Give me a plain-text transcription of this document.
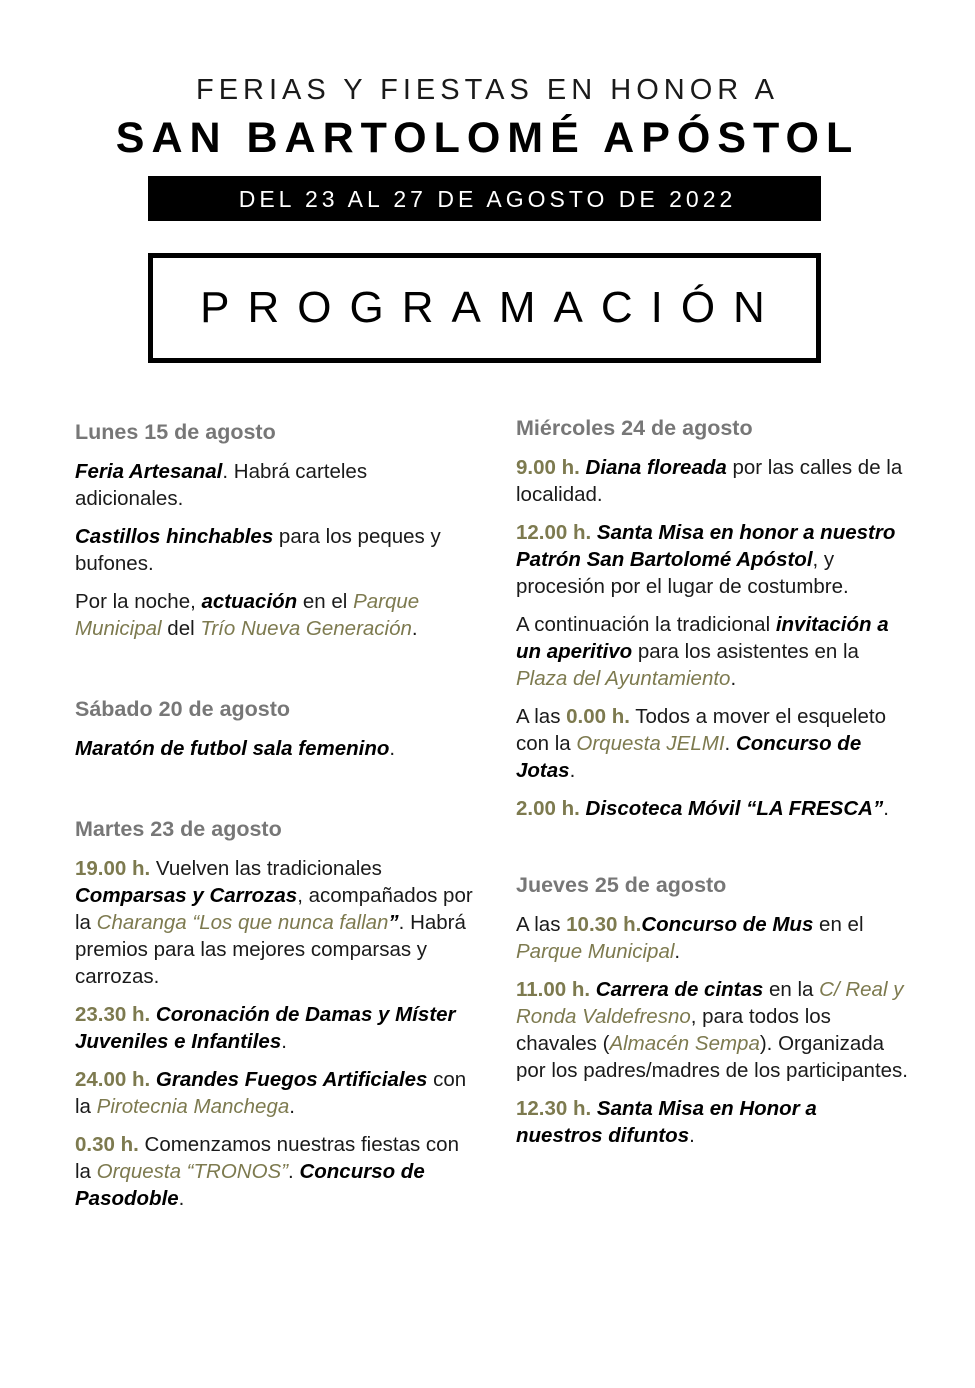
FERIAS Y FIESTAS EN HONOR A
SAN BARTOLOMÉ APÓSTOL
DEL 23 AL 27 DE AGOSTO DE 2022
PROGRAMACIÓN
Lunes 15 de agosto
Feria Artesanal. Habrá carteles adicionales.
Castillos hinchables para los peques y bufones.
Por la noche, actuación en el Parque Municipal del Trío Nueva Generación.
Sábado 20 de agosto
Maratón de futbol sala femenino.
Martes 23 de agosto
19.00 h. Vuelven las tradicionales Comparsas y Carrozas, acompañados por la Charanga “Los que nunca fallan”. Habrá premios para las mejores comparsas y carrozas.
23.30 h. Coronación de Damas y Míster Juveniles e Infantiles.
24.00 h. Grandes Fuegos Artificiales con la Pirotecnia Manchega.
0.30 h. Comenzamos nuestras fiestas con la Orquesta “TRONOS”. Concurso de Pasodoble.
Miércoles 24 de agosto
9.00 h. Diana floreada por las calles de la localidad.
12.00 h. Santa Misa en honor a nuestro Patrón San Bartolomé Apóstol, y procesión por el lugar de costumbre.
A continuación la tradicional invitación a un aperitivo para los asistentes en la Plaza del Ayuntamiento.
A las 0.00 h. Todos a mover el esqueleto con la Orquesta JELMI. Concurso de Jotas.
2.00 h. Discoteca Móvil “LA FRESCA”.
Jueves 25 de agosto
A las 10.30 h.Concurso de Mus en el Parque Municipal.
11.00 h. Carrera de cintas en la C/ Real y Ronda Valdefresno, para todos los chavales (Almacén Sempa). Organizada por los padres/madres de los participantes.
12.30 h. Santa Misa en Honor a nuestros difuntos.
